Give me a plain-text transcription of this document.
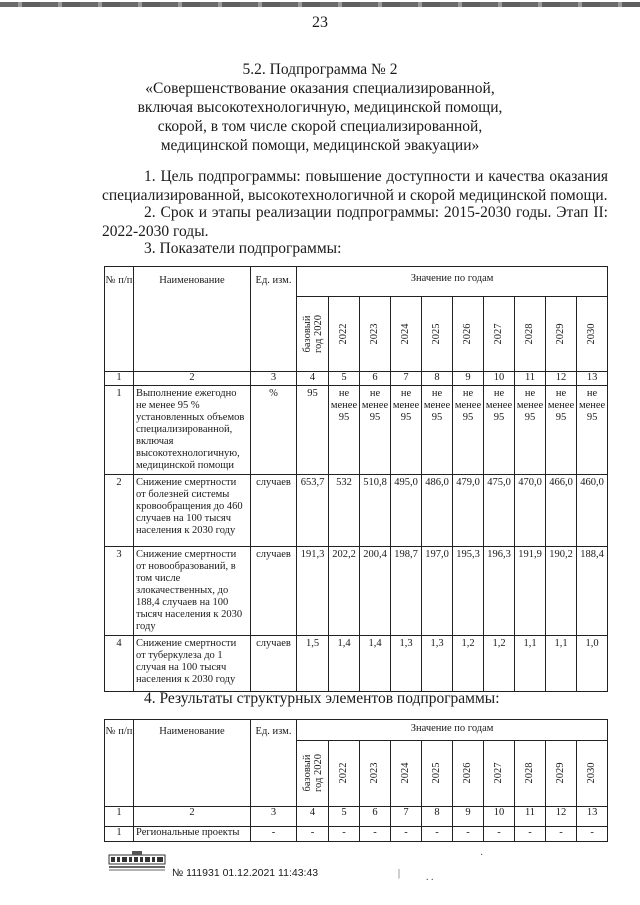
23
5.2. Подпрограмма № 2
«Совершенствование оказания специализированной,
включая высокотехнологичную, медицинской помощи,
скорой, в том числе скорой специализированной,
медицинской помощи, медицинской эвакуации»
1. Цель подпрограммы: повышение доступности и качества оказания специализированной, высокотехнологичной и скорой медицинской помощи.
2. Срок и этапы реализации подпрограммы: 2015-2030 годы. Этап II: 2022-2030 годы.
3. Показатели подпрограммы:
№ п/п	Наименование	Ед. изм.	Значение по годам									

			базовый год 2020	2022	2023	2024	2025	2026	2027	2028	2029	2030

1	2	3	4	5	6	7	8	9	10	11	12	13
1	Выполнение ежегодно не менее 95 % установленных объемов специализированной, включая высокотехнологичную, медицинской помощи	%	95	не менее 95	не менее 95	не менее 95	не менее 95	не менее 95	не менее 95	не менее 95	не менее 95	не менее 95
2	Снижение смертности от болезней системы кровообращения до 460 случаев на 100 тысяч населения к 2030 году	случаев	653,7	532	510,8	495,0	486,0	479,0	475,0	470,0	466,0	460,0
3	Снижение смертности от новообразований, в том числе злокачественных, до 188,4 случаев на 100 тысяч населения к 2030 году	случаев	191,3	202,2	200,4	198,7	197,0	195,3	196,3	191,9	190,2	188,4
4	Снижение смертности от туберкулеза до 1 случая на 100 тысяч населения к 2030 году	случаев	1,5	1,4	1,4	1,3	1,3	1,2	1,2	1,1	1,1	1,0
4. Результаты структурных элементов подпрограммы:
№ п/п	Наименование	Ед. изм.	Значение по годам									

			базовый год 2020	2022	2023	2024	2025	2026	2027	2028	2029	2030

1	2	3	4	5	6	7	8	9	10	11	12	13
1	Региональные проекты	-	-	-	-	-	-	-	-	-	-	-
№ 111931 01.12.2021 11:43:43
·
|	. .
